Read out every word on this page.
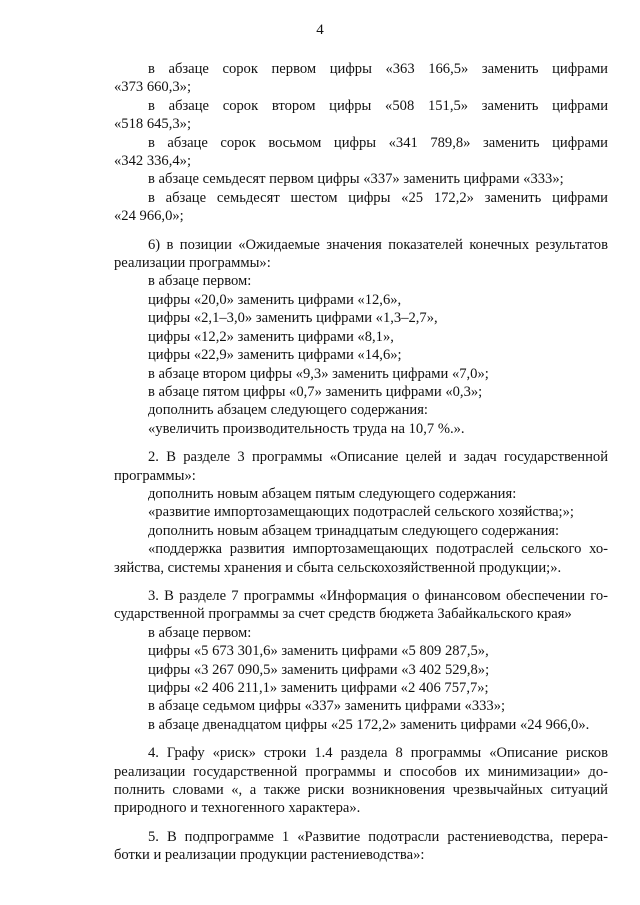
4

в абзаце сорок первом цифры «363 166,5» заменить цифрами

«373 660,3»;

в абзаце сорок втором цифры «508 151,5» заменить цифрами

«518 645,3»;

в абзаце сорок восьмом цифры «341 789,8» заменить цифрами

«342 336,4»;

в абзаце семьдесят первом цифры «337» заменить цифрами «333»;

в абзаце семьдесят шестом цифры «25 172,2» заменить цифрами

«24 966,0»;

6) в позиции «Ожидаемые значения показателей конечных результатов

реализации программы»:

в абзаце первом:

цифры «20,0» заменить цифрами «12,6»,

цифры «2,1–3,0» заменить цифрами «1,3–2,7»,

цифры «12,2» заменить цифрами «8,1»,

цифры «22,9» заменить цифрами «14,6»;

в абзаце втором цифры «9,3» заменить цифрами «7,0»;

в абзаце пятом цифры «0,7» заменить цифрами «0,3»;

дополнить абзацем следующего содержания:

«увеличить производительность труда на 10,7 %.».

2. В разделе 3 программы «Описание целей и задач государственной

программы»:

дополнить новым абзацем пятым следующего содержания:

«развитие импортозамещающих подотраслей сельского хозяйства;»;

дополнить новым абзацем тринадцатым следующего содержания:

«поддержка развития импортозамещающих подотраслей сельского хо-

зяйства, системы хранения и сбыта сельскохозяйственной продукции;».

3. В разделе 7 программы «Информация о финансовом обеспечении го-

сударственной программы за счет средств бюджета Забайкальского края»

в абзаце первом:

цифры «5 673 301,6» заменить цифрами «5 809 287,5»,

цифры «3 267 090,5» заменить цифрами «3 402 529,8»;

цифры «2 406 211,1» заменить цифрами «2 406 757,7»;

в абзаце седьмом цифры «337» заменить цифрами «333»;

в абзаце двенадцатом цифры «25 172,2» заменить цифрами «24 966,0».

4. Графу «риск» строки 1.4 раздела 8 программы «Описание рисков

реализации государственной программы и способов их минимизации» до-

полнить словами «, а также риски возникновения чрезвычайных ситуаций

природного и техногенного характера».

5. В подпрограмме 1 «Развитие подотрасли растениеводства, перера-

ботки и реализации продукции растениеводства»:
